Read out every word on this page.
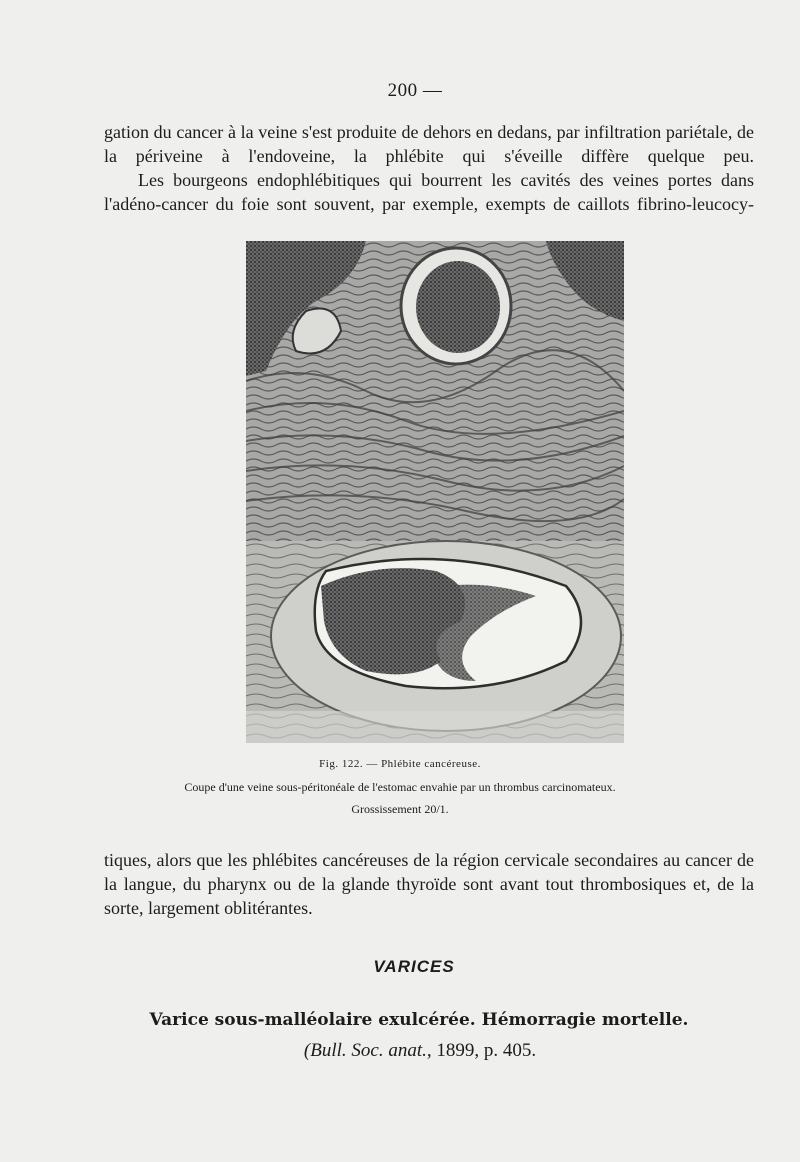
200 —

gation du cancer à la veine s'est produite de dehors en dedans, par infiltration pariétale, de la périveine à l'endoveine, la phlébite qui s'éveille diffère quelque peu.

Les bourgeons endophlébitiques qui bourrent les cavités des veines portes dans l'adéno-cancer du foie sont souvent, par exemple, exempts de caillots fibrino-leucocy-

Fig. 122. — Phlébite cancéreuse.
Coupe d'une veine sous-péritonéale de l'estomac envahie par un thrombus carcinomateux.
Grossissement 20/1.

tiques, alors que les phlébites cancéreuses de la région cervicale secondaires au cancer de la langue, du pharynx ou de la glande thyroïde sont avant tout thrombosiques et, de la sorte, largement oblitérantes.

VARICES
Varice sous-malléolaire exulcérée. Hémorragie mortelle.
(Bull. Soc. anat., 1899, p. 405.
